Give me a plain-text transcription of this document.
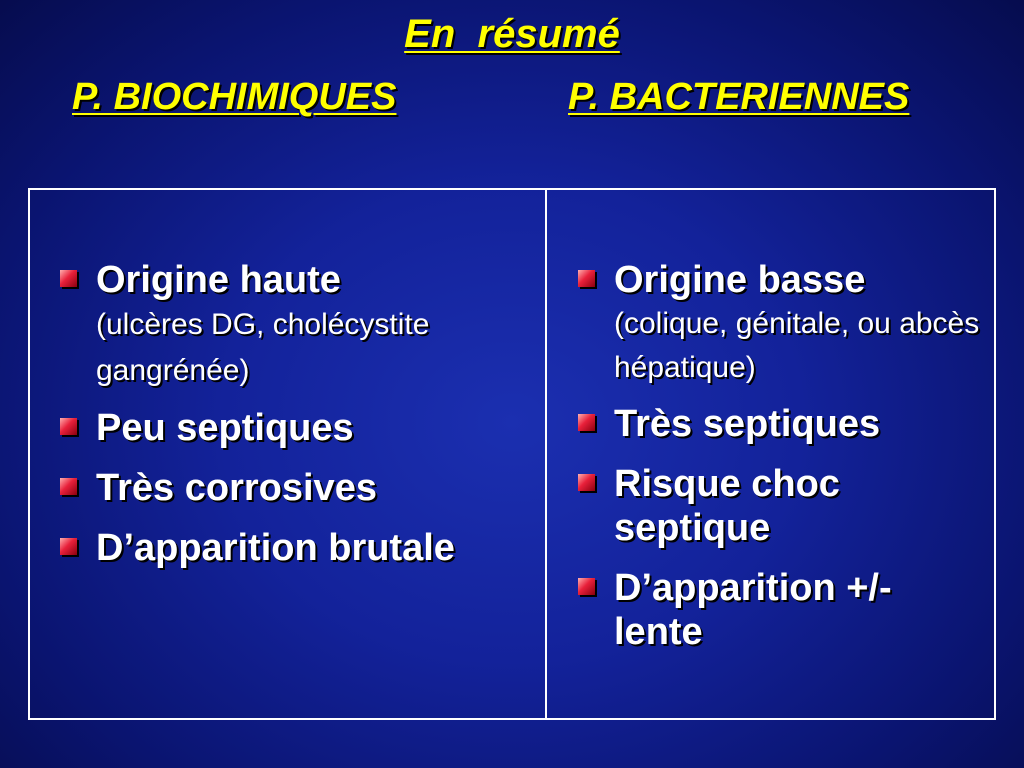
En  résumé
P. BIOCHIMIQUES	P. BACTERIENNES
Origine haute
(ulcères DG, cholécystite gangrénée)
Peu septiques
Très corrosives
D’apparition brutale
Origine basse
(colique, génitale, ou abcès hépatique)
Très septiques
Risque choc septique
D’apparition +/- lente
